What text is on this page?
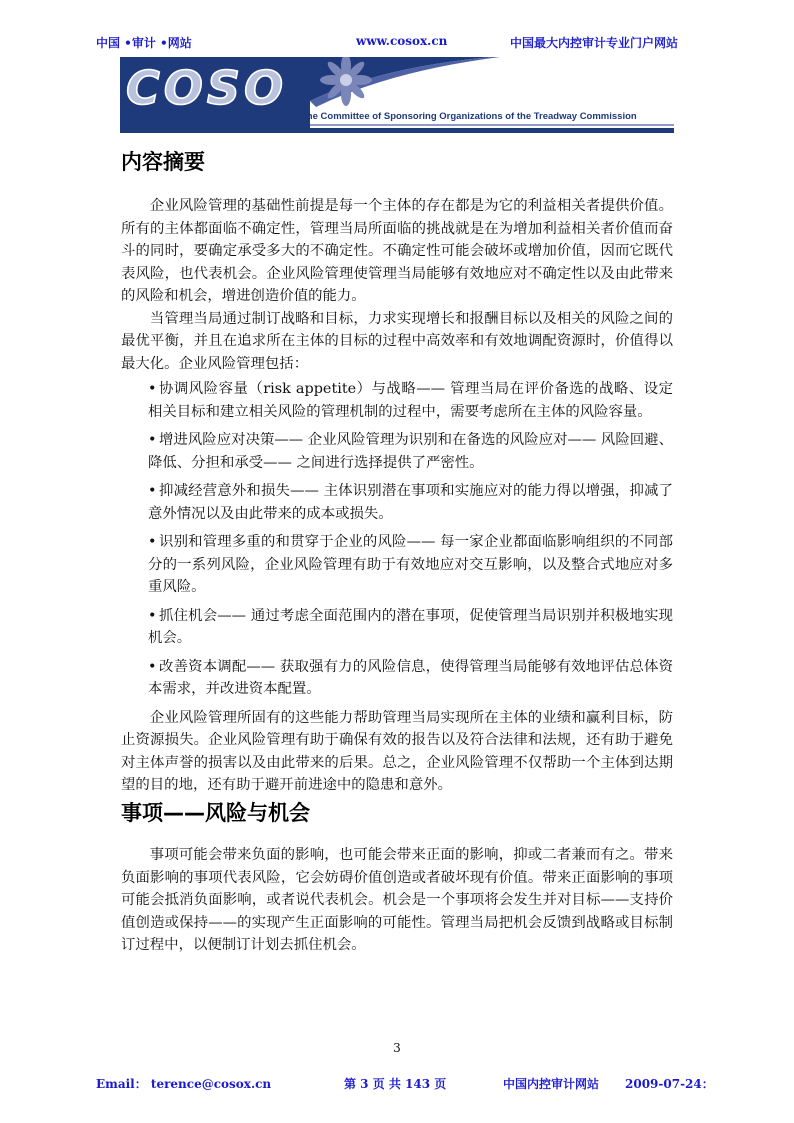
中国 •审计 •网站	www.cosox.cn	中国最大内控审计专业门户网站
COSO
The Committee of Sponsoring Organizations of the Treadway Commission
内容摘要

企业风险管理的基础性前提是每一个主体的存在都是为它的利益相关者提供价值。所有的主体都面临不确定性，管理当局所面临的挑战就是在为增加利益相关者价值而奋斗的同时，要确定承受多大的不确定性。不确定性可能会破坏或增加价值，因而它既代表风险，也代表机会。企业风险管理使管理当局能够有效地应对不确定性以及由此带来的风险和机会，增进创造价值的能力。

当管理当局通过制订战略和目标，力求实现增长和报酬目标以及相关的风险之间的最优平衡，并且在追求所在主体的目标的过程中高效率和有效地调配资源时，价值得以最大化。企业风险管理包括：

• 协调风险容量（risk appetite）与战略—— 管理当局在评价备选的战略、设定相关目标和建立相关风险的管理机制的过程中，需要考虑所在主体的风险容量。
• 增进风险应对决策—— 企业风险管理为识别和在备选的风险应对—— 风险回避、降低、分担和承受—— 之间进行选择提供了严密性。
• 抑减经营意外和损失—— 主体识别潜在事项和实施应对的能力得以增强，抑减了意外情况以及由此带来的成本或损失。
• 识别和管理多重的和贯穿于企业的风险—— 每一家企业都面临影响组织的不同部分的一系列风险，企业风险管理有助于有效地应对交互影响，以及整合式地应对多重风险。
• 抓住机会—— 通过考虑全面范围内的潜在事项，促使管理当局识别并积极地实现机会。
• 改善资本调配—— 获取强有力的风险信息，使得管理当局能够有效地评估总体资本需求，并改进资本配置。

企业风险管理所固有的这些能力帮助管理当局实现所在主体的业绩和赢利目标，防止资源损失。企业风险管理有助于确保有效的报告以及符合法律和法规，还有助于避免对主体声誉的损害以及由此带来的后果。总之，企业风险管理不仅帮助一个主体到达期望的目的地，还有助于避开前进途中的隐患和意外。

事项——风险与机会

事项可能会带来负面的影响，也可能会带来正面的影响，抑或二者兼而有之。带来负面影响的事项代表风险，它会妨碍价值创造或者破坏现有价值。带来正面影响的事项可能会抵消负面影响，或者说代表机会。机会是一个事项将会发生并对目标——支持价值创造或保持——的实现产生正面影响的可能性。管理当局把机会反馈到战略或目标制订过程中，以便制订计划去抓住机会。

3
Email： terence@cosox.cn	第 3 页 共 143 页	中国内控审计网站 2009-07-24：
